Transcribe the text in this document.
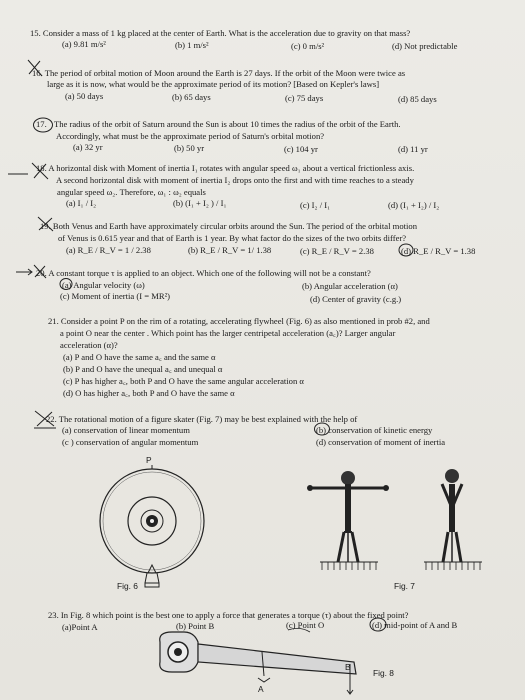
15. Consider a mass of 1 kg placed at the center of Earth. What is the acceleration due to gravity on that mass?
(a) 9.81 m/s²	(b) 1 m/s²	(c) 0 m/s²	(d) Not predictable
16. The period of orbital motion of Moon around the Earth is 27 days. If the orbit of the Moon were twice as
large as it is now, what would be the approximate period of its motion? [Based on Kepler's laws]
(a) 50 days	(b) 65 days	(c) 75 days	(d) 85 days
17. The radius of the orbit of Saturn around the Sun is about 10 times the radius of the orbit of the Earth.
Accordingly, what must be the approximate period of Saturn's orbital motion?
(a) 32 yr	(b) 50 yr	(c) 104 yr	(d) 11 yr
18. A horizontal disk with Moment of inertia I₁ rotates with angular speed ω₁ about a vertical frictionless axis.
A second horizontal disk with moment of inertia I₂ drops onto the first and with time reaches to a steady
angular speed ω₂. Therefore, ω₁ : ω₂ equals
(a) I₁ / I₂	(b) (I₁ + I₂ ) / I₁	(c) I₂ / I₁	(d) (I₁ + I₂) / I₂
19. Both Venus and Earth have approximately circular orbits around the Sun. The period of the orbital motion
of Venus is 0.615 year and that of Earth is 1 year. By what factor do the sizes of the two orbits differ?
(a) R_E / R_V = 1 / 2.38	(b) R_E / R_V = 1/ 1.38	(c) R_E / R_V = 2.38	(d) R_E / R_V = 1.38
20. A constant torque τ is applied to an object. Which one of the following will not be a constant?
(a) Angular velocity (ω)	(b) Angular acceleration (α)
(c) Moment of inertia (I = MR²)	(d) Center of gravity (c.g.)
21. Consider a point P on the rim of a rotating, accelerating flywheel (Fig. 6) as also mentioned in prob #2, and
a point O near the center . Which point has the larger centripetal acceleration (a꜀)? Larger angular
acceleration (α)?
(a) P and O have the same a꜀ and the same α
(b) P and O have the unequal a꜀ and unequal α
(c) P has higher a꜀, both P and O have the same angular acceleration α
(d) O has higher a꜀, both P and O have the same α
22. The rotational motion of a figure skater (Fig. 7) may be best explained with the help of
(a) conservation of linear momentum	(b) conservation of kinetic energy
(c ) conservation of angular momentum	(d) conservation of moment of inertia
P
Fig. 6	Fig. 7
23. In Fig. 8 which point is the best one to apply a force that generates a torque (τ) about the fixed point?
(a)Point A	(b) Point B	(c) Point O	(d) mid-point of A and B
A
B
Fig. 8
